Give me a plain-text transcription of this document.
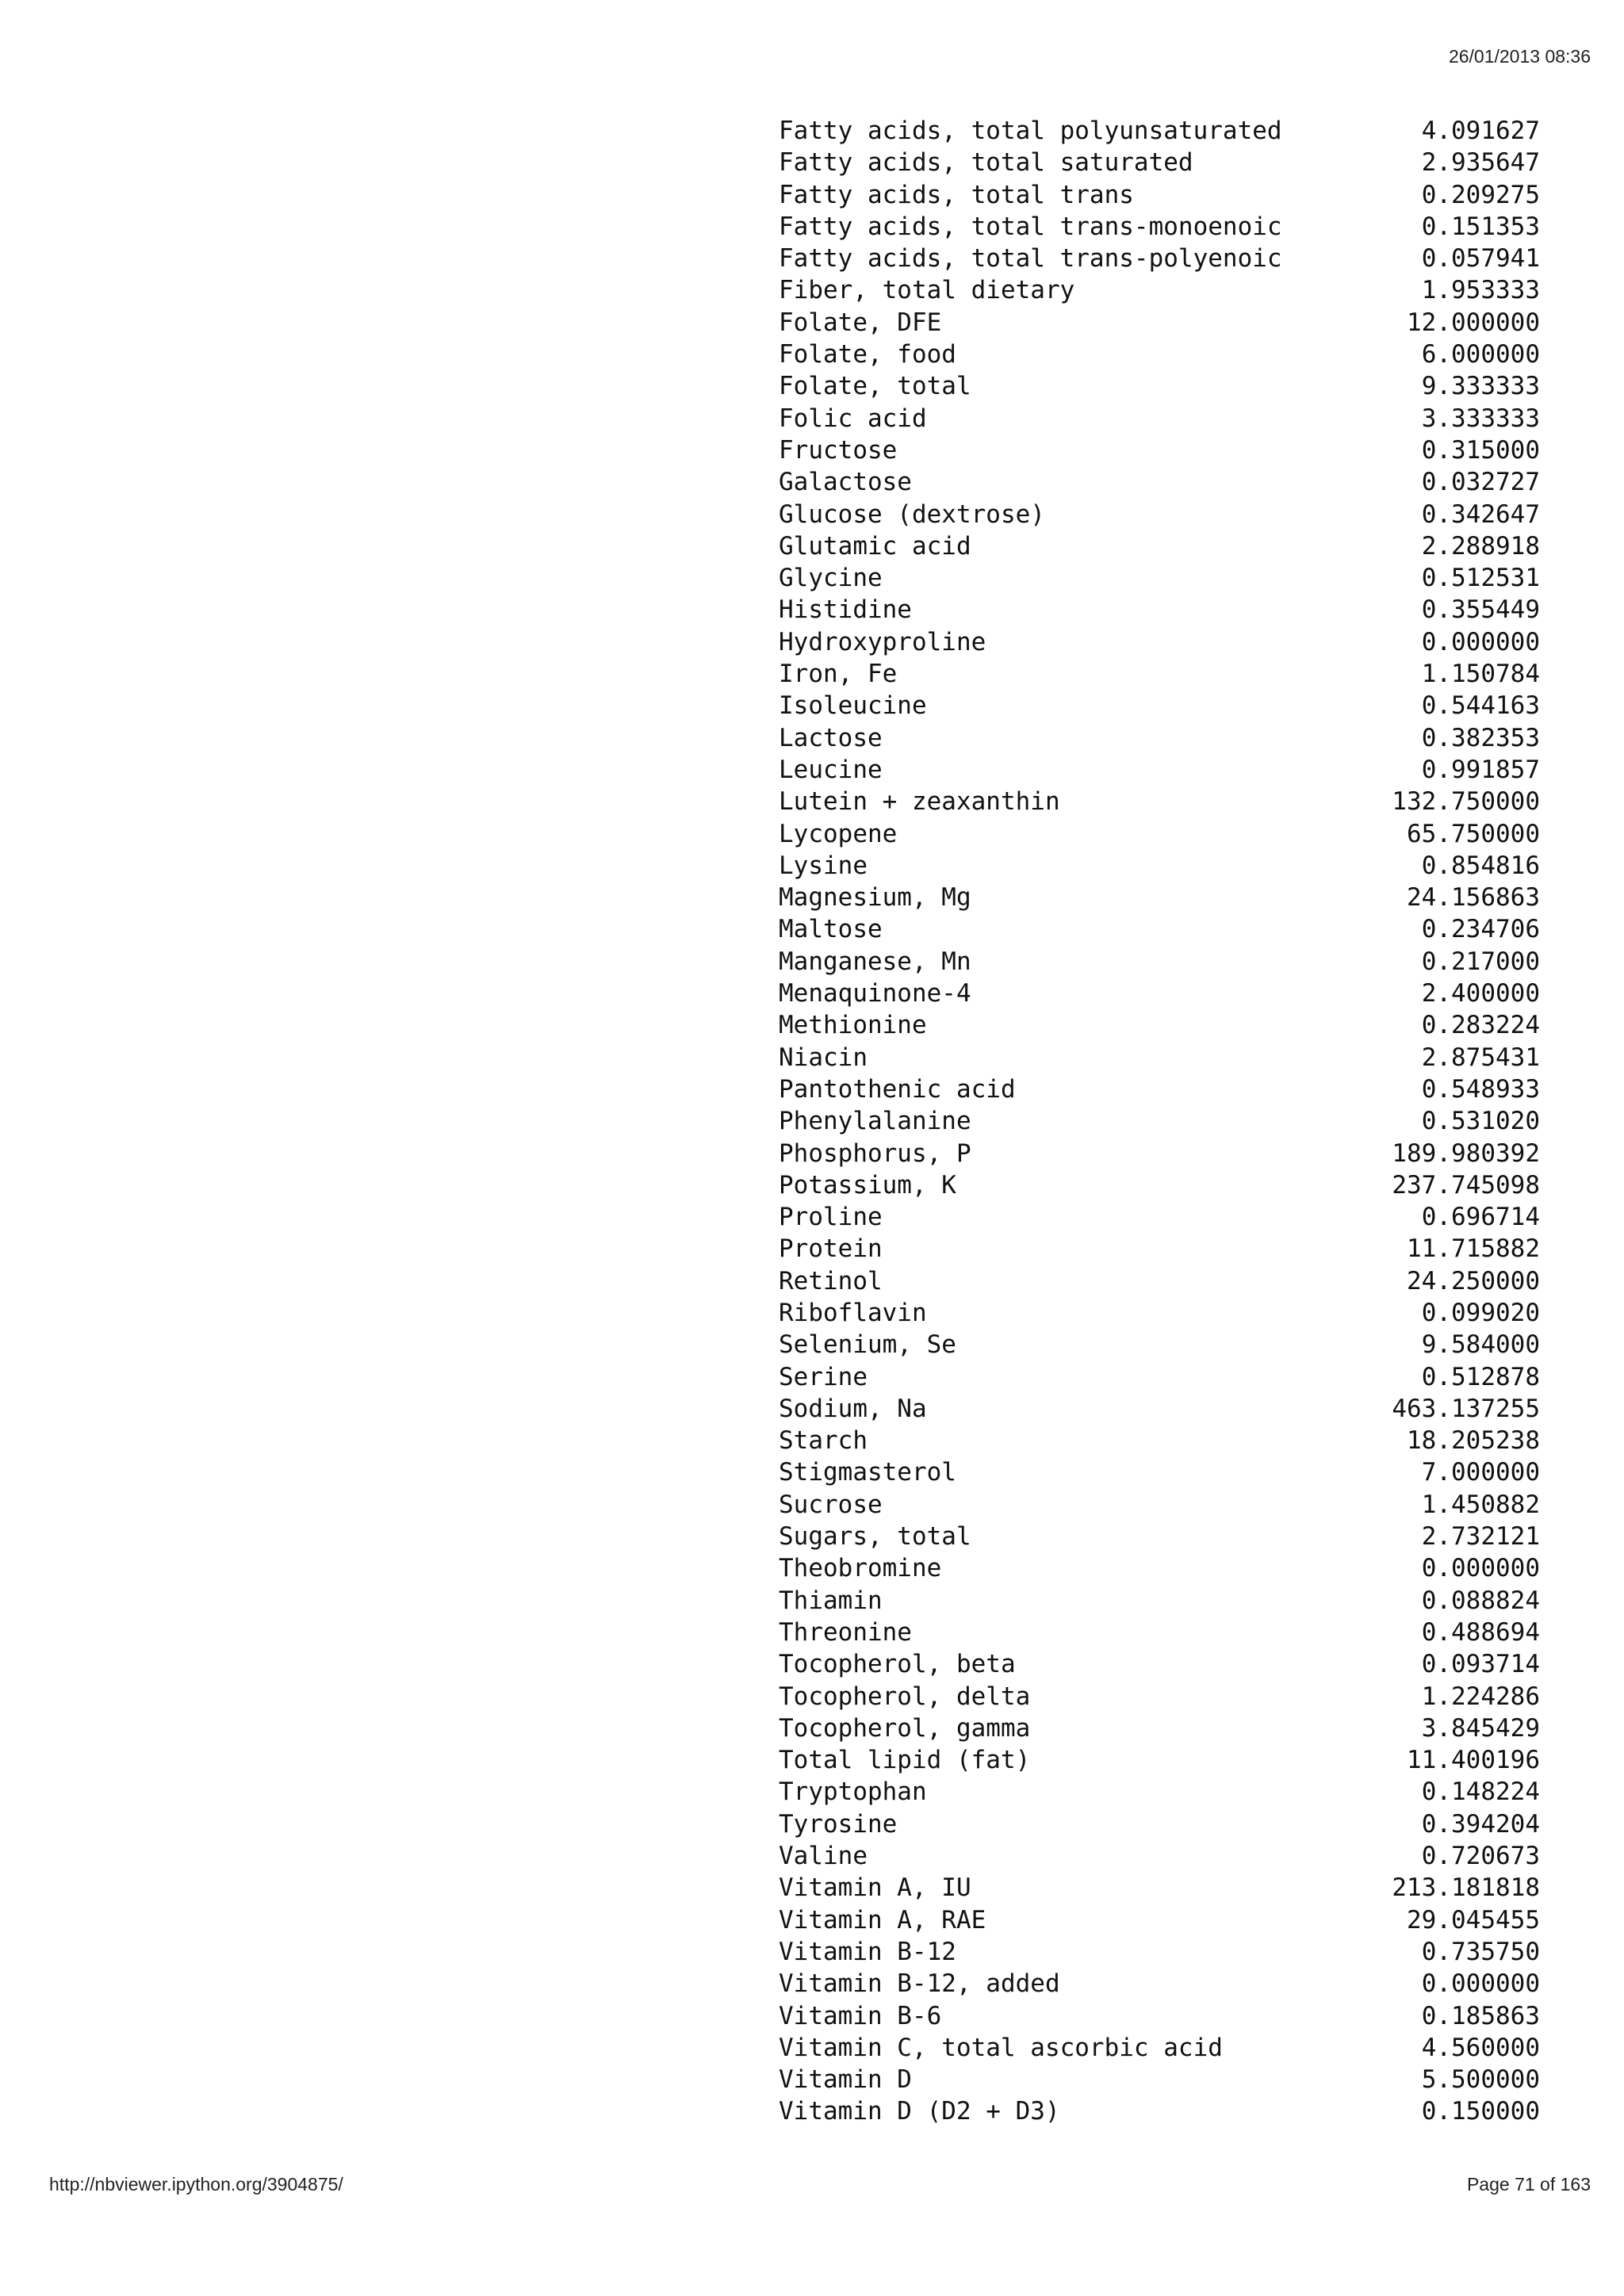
26/01/2013 08:36
Fatty acids, total polyunsaturated	4.091627
Fatty acids, total saturated	2.935647
Fatty acids, total trans	0.209275
Fatty acids, total trans-monoenoic	0.151353
Fatty acids, total trans-polyenoic	0.057941
Fiber, total dietary	1.953333
Folate, DFE	12.000000
Folate, food	6.000000
Folate, total	9.333333
Folic acid	3.333333
Fructose	0.315000
Galactose	0.032727
Glucose (dextrose)	0.342647
Glutamic acid	2.288918
Glycine	0.512531
Histidine	0.355449
Hydroxyproline	0.000000
Iron, Fe	1.150784
Isoleucine	0.544163
Lactose	0.382353
Leucine	0.991857
Lutein + zeaxanthin	132.750000
Lycopene	65.750000
Lysine	0.854816
Magnesium, Mg	24.156863
Maltose	0.234706
Manganese, Mn	0.217000
Menaquinone-4	2.400000
Methionine	0.283224
Niacin	2.875431
Pantothenic acid	0.548933
Phenylalanine	0.531020
Phosphorus, P	189.980392
Potassium, K	237.745098
Proline	0.696714
Protein	11.715882
Retinol	24.250000
Riboflavin	0.099020
Selenium, Se	9.584000
Serine	0.512878
Sodium, Na	463.137255
Starch	18.205238
Stigmasterol	7.000000
Sucrose	1.450882
Sugars, total	2.732121
Theobromine	0.000000
Thiamin	0.088824
Threonine	0.488694
Tocopherol, beta	0.093714
Tocopherol, delta	1.224286
Tocopherol, gamma	3.845429
Total lipid (fat)	11.400196
Tryptophan	0.148224
Tyrosine	0.394204
Valine	0.720673
Vitamin A, IU	213.181818
Vitamin A, RAE	29.045455
Vitamin B-12	0.735750
Vitamin B-12, added	0.000000
Vitamin B-6	0.185863
Vitamin C, total ascorbic acid	4.560000
Vitamin D	5.500000
Vitamin D (D2 + D3)	0.150000
http://nbviewer.ipython.org/3904875/	Page 71 of 163
